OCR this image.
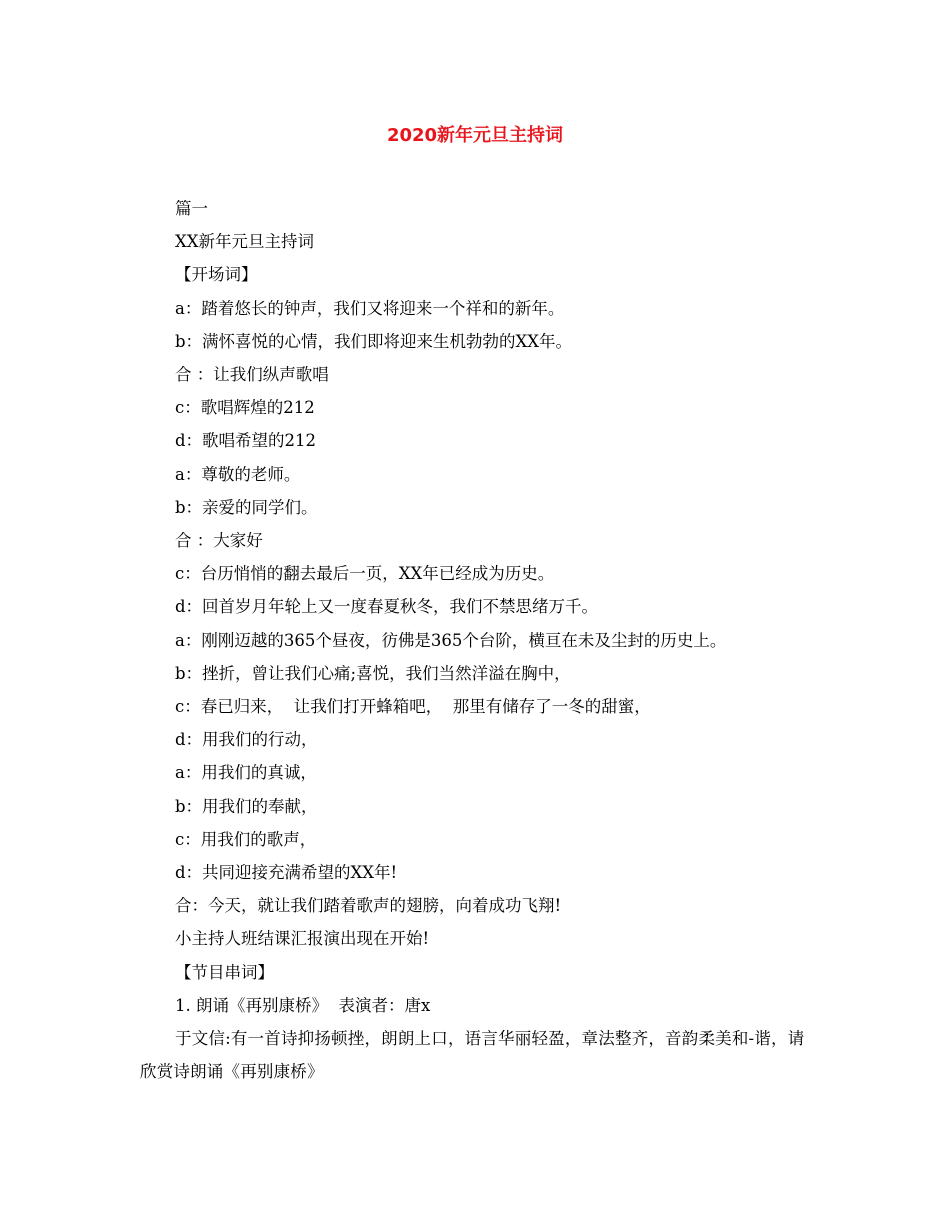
2020新年元旦主持词
篇一
XX新年元旦主持词
【开场词】
a：踏着悠长的钟声，我们又将迎来一个祥和的新年。
b：满怀喜悦的心情，我们即将迎来生机勃勃的XX年。
合 ：让我们纵声歌唱
c：歌唱辉煌的212
d：歌唱希望的212
a：尊敬的老师。
b：亲爱的同学们。
合 ：大家好
c：台历悄悄的翻去最后一页，XX年已经成为历史。
d：回首岁月年轮上又一度春夏秋冬，我们不禁思绪万千。
a：刚刚迈越的365个昼夜，彷佛是365个台阶，横亘在未及尘封的历史上。
b：挫折，曾让我们心痛;喜悦，我们当然洋溢在胸中，
c：春已归来，  让我们打开蜂箱吧，  那里有储存了一冬的甜蜜，
d：用我们的行动，
a：用我们的真诚，
b：用我们的奉献，
c：用我们的歌声，
d：共同迎接充满希望的XX年!
合：今天，就让我们踏着歌声的翅膀，向着成功飞翔!
小主持人班结课汇报演出现在开始!
【节目串词】
1. 朗诵《再别康桥》  表演者：唐x
于文信:有一首诗抑扬顿挫，朗朗上口，语言华丽轻盈，章法整齐，音韵柔美和-谐，请欣赏诗朗诵《再别康桥》
